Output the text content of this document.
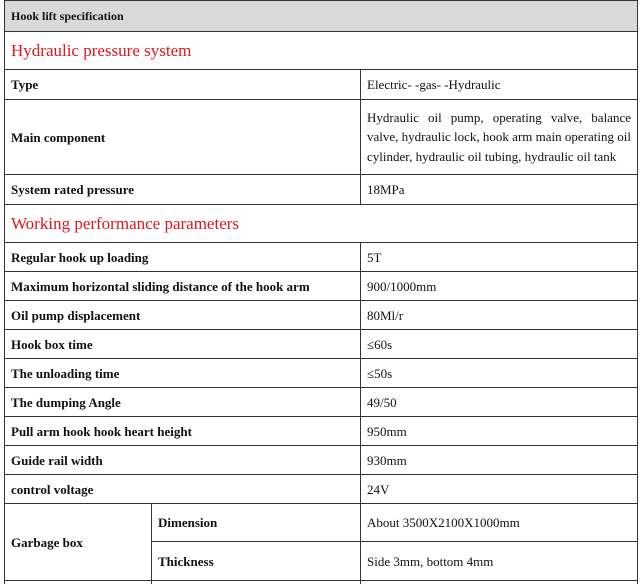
Hook lift specification		
Hydraulic pressure system		
Type		Electric- -gas- -Hydraulic
Main component		Hydraulic oil pump, operating valve, balance valve, hydraulic lock, hook arm main operating oil cylinder, hydraulic oil tubing, hydraulic oil tank
System rated pressure		18MPa
Working performance parameters		
Regular hook up loading		5T
Maximum horizontal sliding distance of the hook arm		900/1000mm
Oil pump displacement		80Ml/r
Hook box time		≤60s
The unloading time		≤50s
The dumping Angle		49/50
Pull arm hook hook heart height		950mm
Guide rail width		930mm
control voltage		24V
Garbage box	Dimension	About 3500X2100X1000mm
	Thickness	Side 3mm, bottom 4mm
